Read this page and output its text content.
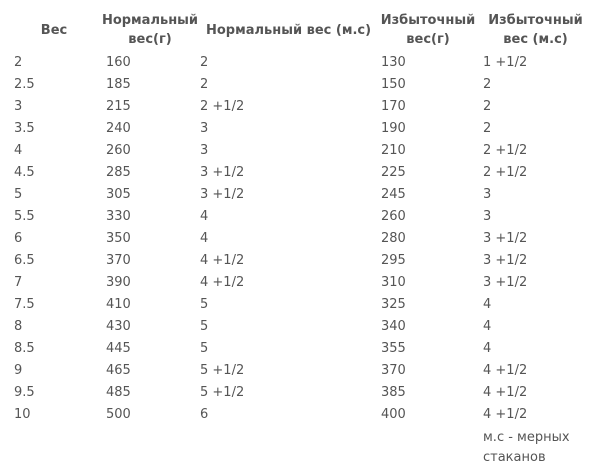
Вес	Нормальный вес(г)	Нормальный вес (м.с)	Избыточный вес(г)	Избыточный вес (м.с)
2	160	2	130	1 +1/2
2.5	185	2	150	2
3	215	2 +1/2	170	2
3.5	240	3	190	2
4	260	3	210	2 +1/2
4.5	285	3 +1/2	225	2 +1/2
5	305	3 +1/2	245	3
5.5	330	4	260	3
6	350	4	280	3 +1/2
6.5	370	4 +1/2	295	3 +1/2
7	390	4 +1/2	310	3 +1/2
7.5	410	5	325	4
8	430	5	340	4
8.5	445	5	355	4
9	465	5 +1/2	370	4 +1/2
9.5	485	5 +1/2	385	4 +1/2
10	500	6	400	4 +1/2
				м.с - мерных стаканов
